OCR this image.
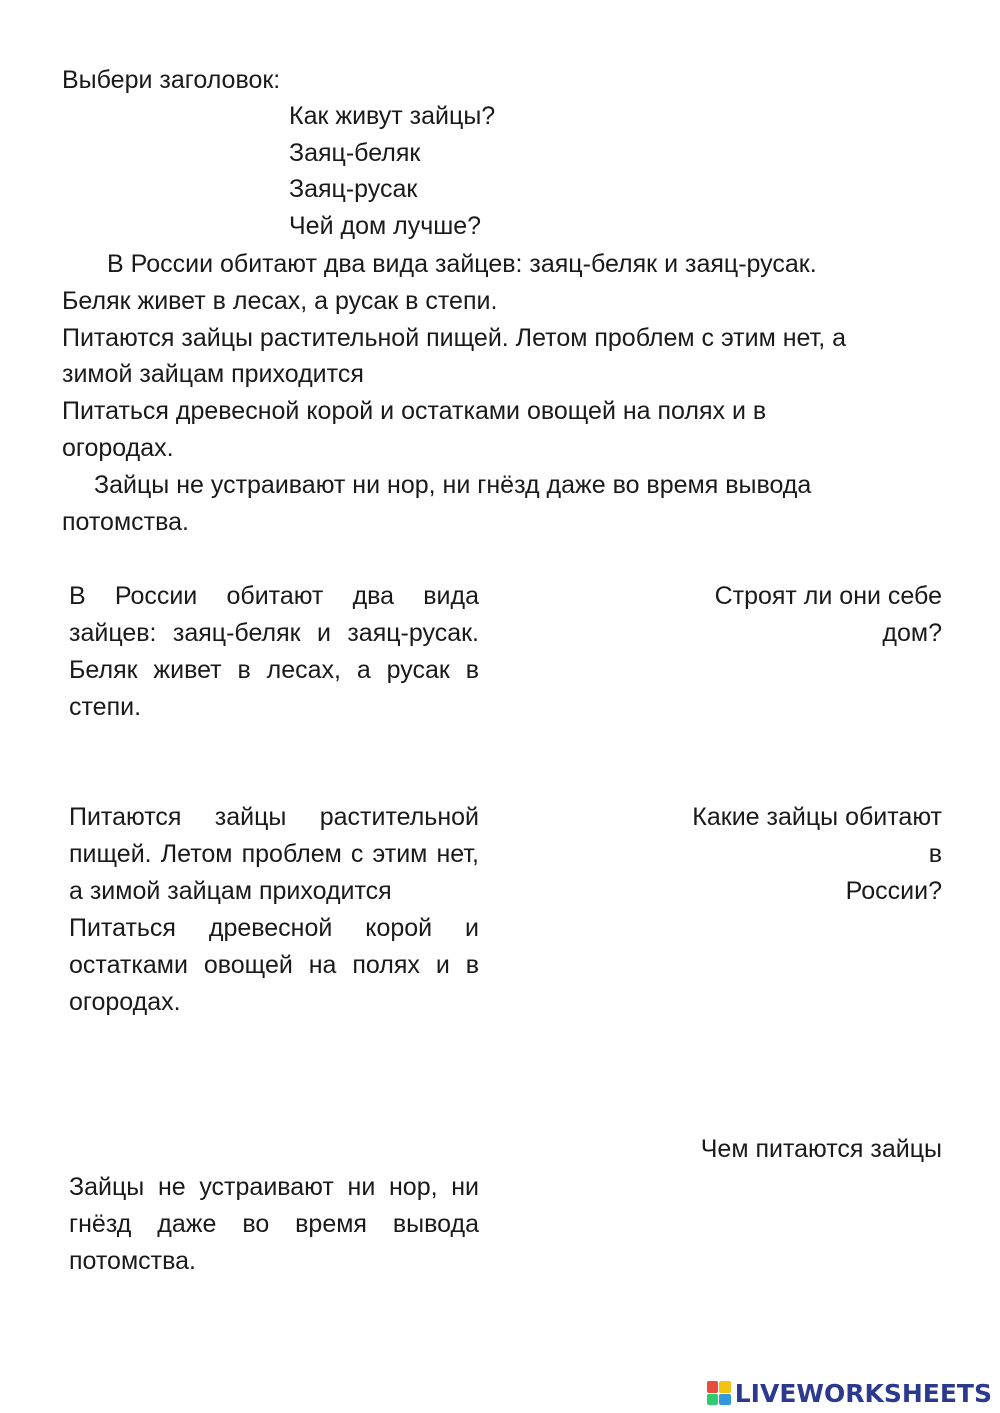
Выбери заголовок:
Как живут зайцы?
Заяц-беляк
Заяц-русак
Чей дом лучше?
В России обитают два вида зайцев: заяц-беляк и заяц-русак.
Беляк живет в лесах, а русак в степи.
Питаются зайцы растительной пищей. Летом проблем с этим нет, а
зимой зайцам приходится
Питаться древесной корой и остатками овощей на полях и в
огородах.
Зайцы не устраивают ни нор, ни гнёзд даже во время вывода
потомства.
В России обитают два вида зайцев: заяц-беляк и заяц-русак. Беляк живет в лесах, а русак в степи.
Питаются зайцы растительной пищей. Летом проблем с этим нет, а зимой зайцам приходится
Питаться древесной корой и остатками овощей на полях и в огородах.
Зайцы не устраивают ни нор, ни гнёзд даже во время вывода потомства.
Строят ли они себе
дом?
Какие зайцы обитают
в
России?
Чем питаются зайцы
LIVEWORKSHEETS
